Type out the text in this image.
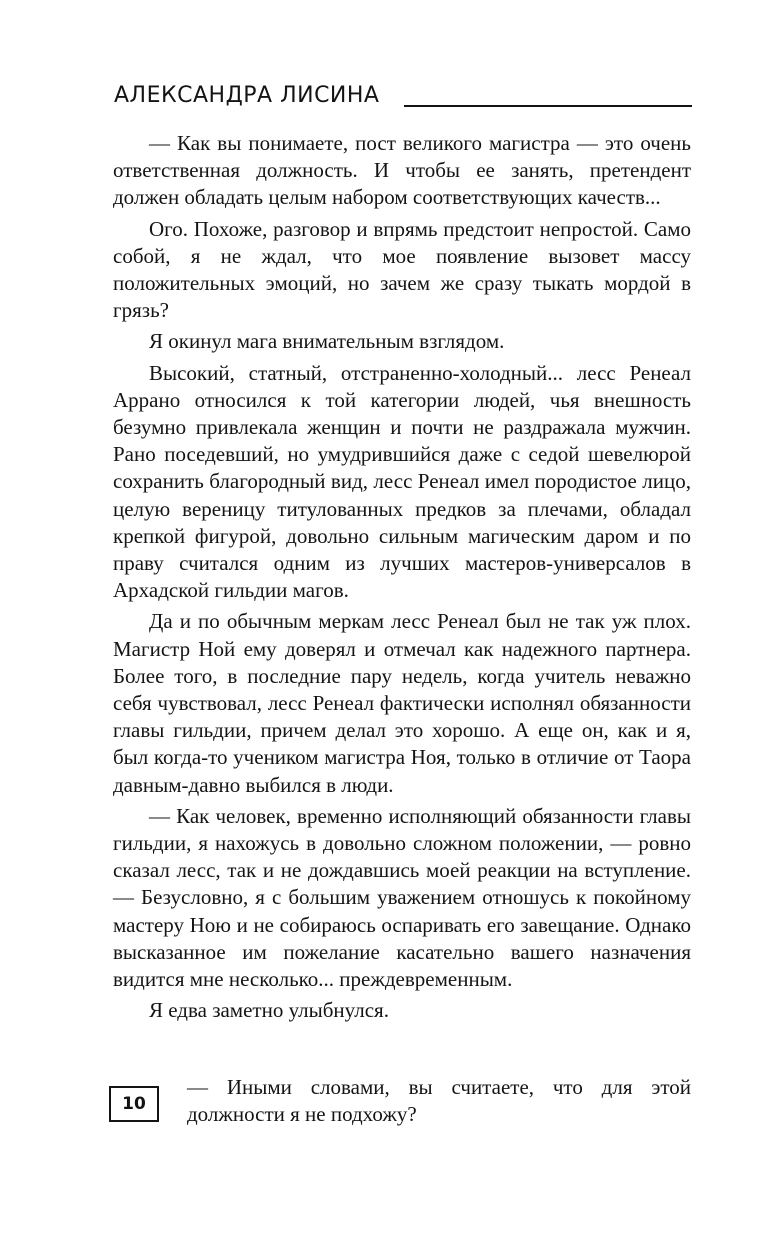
АЛЕКСАНДРА ЛИСИНА

— Как вы понимаете, пост великого магистра — это очень ответственная должность. И чтобы ее занять, претендент должен обладать целым набором соответствующих качеств...

Ого. Похоже, разговор и впрямь предстоит непростой. Само собой, я не ждал, что мое появление вызовет массу положительных эмоций, но зачем же сразу тыкать мордой в грязь?

Я окинул мага внимательным взглядом.

Высокий, статный, отстраненно-холодный... лесс Ренеал Аррано относился к той категории людей, чья внешность безумно привлекала женщин и почти не раздражала мужчин. Рано поседевший, но умудрившийся даже с седой шевелюрой сохранить благородный вид, лесс Ренеал имел породистое лицо, целую вереницу титулованных предков за плечами, обладал крепкой фигурой, довольно сильным магическим даром и по праву считался одним из лучших мастеров-универсалов в Архадской гильдии магов.

Да и по обычным меркам лесс Ренеал был не так уж плох. Магистр Ной ему доверял и отмечал как надежного партнера. Более того, в последние пару недель, когда учитель неважно себя чувствовал, лесс Ренеал фактически исполнял обязанности главы гильдии, причем делал это хорошо. А еще он, как и я, был когда-то учеником магистра Ноя, только в отличие от Таора давным-давно выбился в люди.

— Как человек, временно исполняющий обязанности главы гильдии, я нахожусь в довольно сложном положении, — ровно сказал лесс, так и не дождавшись моей реакции на вступление. — Безусловно, я с большим уважением отношусь к покойному мастеру Ною и не собираюсь оспаривать его завещание. Однако высказанное им пожелание касательно вашего назначения видится мне несколько... преждевременным.

Я едва заметно улыбнулся.

10

— Иными словами, вы считаете, что для этой должности я не подхожу?
